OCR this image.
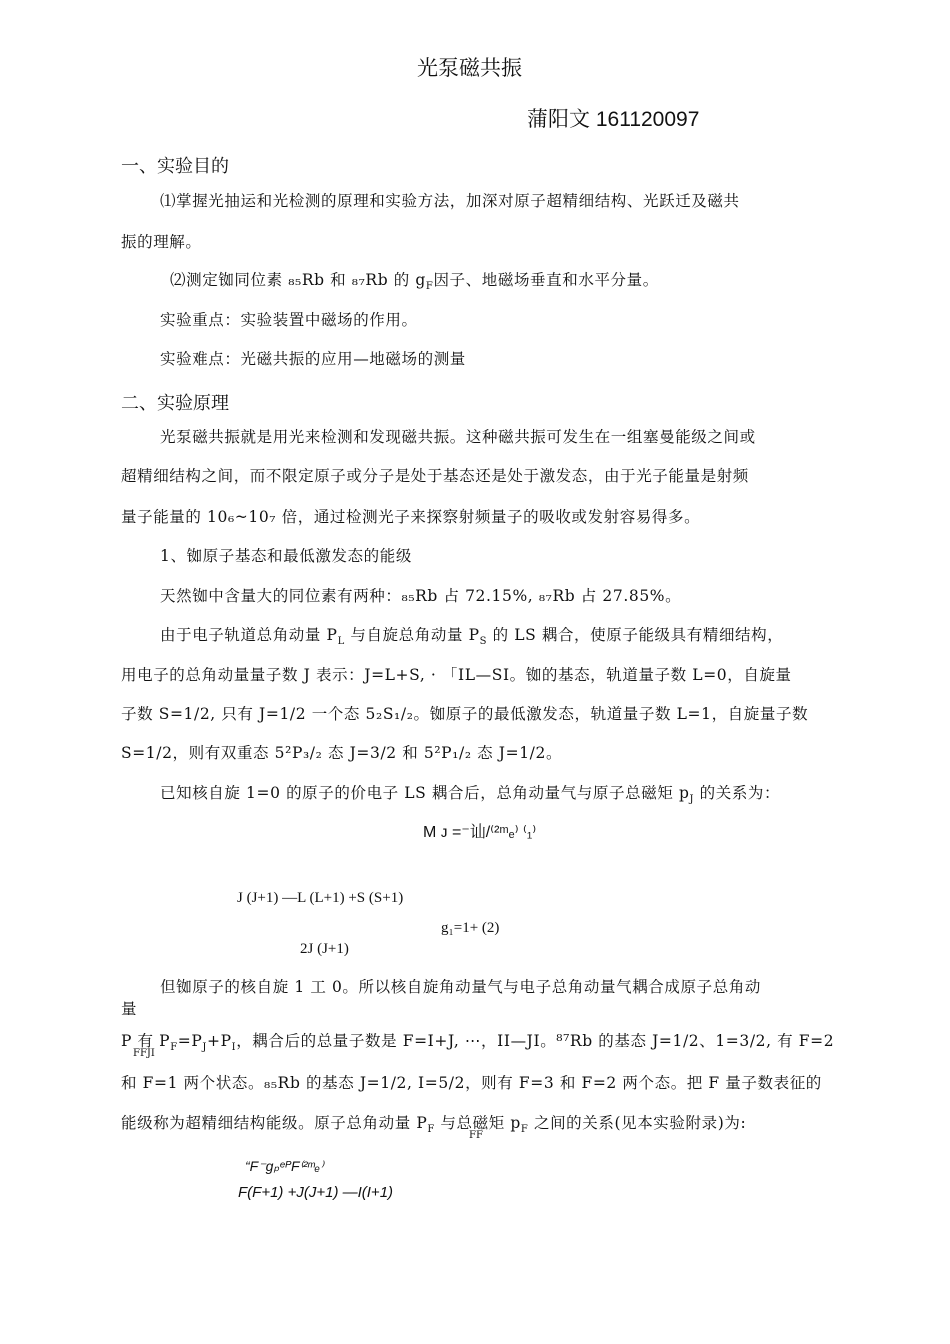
光泵磁共振
蒲阳文 161120097
一、实验目的
⑴掌握光抽运和光检测的原理和实验方法，加深对原子超精细结构、光跃迁及磁共
振的理解。
⑵测定铷同位素 ₈₅Rb 和 ₈₇Rb 的 $g_F$因子、地磁场垂直和水平分量。
实验重点：实验装置中磁场的作用。
实验难点：光磁共振的应用—地磁场的测量
二、实验原理
光泵磁共振就是用光来检测和发现磁共振。这种磁共振可发生在一组塞曼能级之间或
超精细结构之间，而不限定原子或分子是处于基态还是处于激发态，由于光子能量是射频
量子能量的 10₆~10₇ 倍，通过检测光子来探察射频量子的吸收或发射容易得多。
1、铷原子基态和最低激发态的能级
天然铷中含量大的同位素有两种：₈₅Rb 占 72.15%, ₈₇Rb 占 27.85%。
由于电子轨道总角动量 $P_L$ 与自旋总角动量 $P_S$ 的 LS 耦合，使原子能级具有精细结构，
用电子的总角动量量子数 J 表示：J=L+S, · 「IL—SI。铷的基态，轨道量子数 L=0，自旋量
子数 S=1/2, 只有 J=1/2 一个态 5₂S₁/₂。铷原子的最低激发态，轨道量子数 L=1，自旋量子数
S=1/2，则有双重态 5²P₃/₂ 态 J=3/2 和 5²P₁/₂ 态 J=1/2。
已知核自旋 1=0 的原子的价电子 LS 耦合后，总角动量气与原子总磁矩 $p_J$ 的关系为：
M ᴊ =⁻讪/⁽²ᵐₑ⁾ ⁽₁⁾
J (J+1) —L (L+1) +S (S+1)
g₁=1+ (2)
2J (J+1)
但铷原子的核自旋 1 工 0。所以核自旋角动量气与电子总角动量气耦合成原子总角动
量
P 有 $P_F=P_J+P_I$，耦合后的总量子数是 F=I+J, ⋯，II—JI。⁸⁷Rb 的基态 J=1/2、1=3/2, 有 F=2
FFJI
和 F=1 两个状态。₈₅Rb 的基态 J=1/2, I=5/2，则有 F=3 和 F=2 两个态。把 F 量子数表征的
能级称为超精细结构能级。原子总角动量 $P_F$ 与总磁矩 $p_F$ 之间的关系(见本实验附录)为:
FF
“F⁻gₚᵉᴾF⁽²ᵐₑ⁾
F(F+1) +J(J+1) —I(I+1)
